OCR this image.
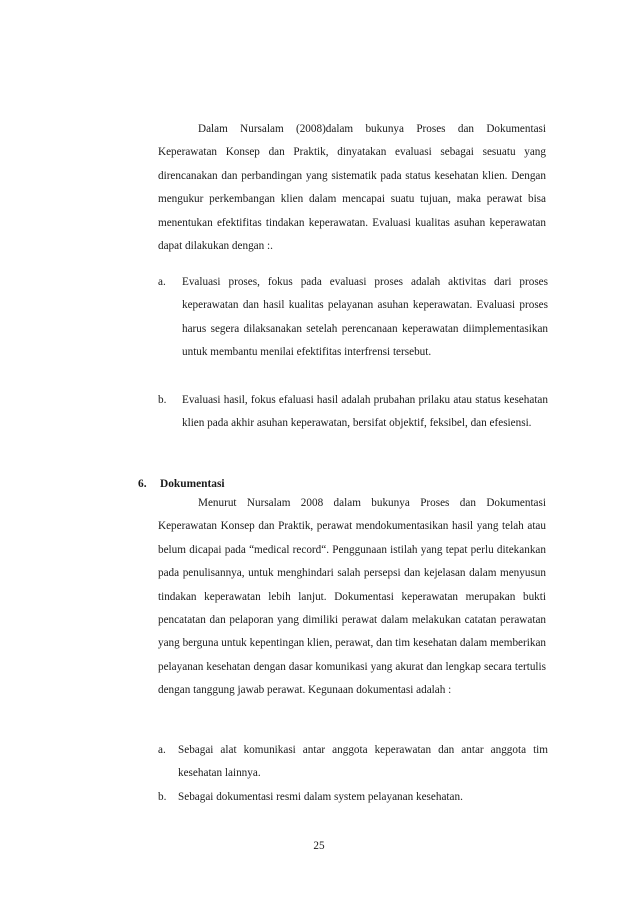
Dalam Nursalam (2008)dalam bukunya Proses dan Dokumentasi Keperawatan Konsep dan Praktik, dinyatakan evaluasi sebagai sesuatu yang direncanakan dan perbandingan yang sistematik pada status kesehatan klien. Dengan mengukur perkembangan klien dalam mencapai suatu tujuan, maka perawat bisa menentukan efektifitas tindakan keperawatan. Evaluasi kualitas asuhan keperawatan dapat dilakukan dengan :.

a. Evaluasi proses, fokus pada evaluasi proses adalah aktivitas dari proses keperawatan dan hasil kualitas pelayanan asuhan keperawatan. Evaluasi proses harus segera dilaksanakan setelah perencanaan keperawatan diimplementasikan untuk membantu menilai efektifitas interfrensi tersebut.

b. Evaluasi hasil, fokus efaluasi hasil adalah prubahan prilaku atau status kesehatan klien pada akhir asuhan keperawatan, bersifat objektif, feksibel, dan efesiensi.

6. Dokumentasi

Menurut Nursalam 2008 dalam bukunya Proses dan Dokumentasi Keperawatan Konsep dan Praktik, perawat mendokumentasikan hasil yang telah atau belum dicapai pada “medical record“. Penggunaan istilah yang tepat perlu ditekankan pada penulisannya, untuk menghindari salah persepsi dan kejelasan dalam menyusun tindakan keperawatan lebih lanjut. Dokumentasi keperawatan merupakan bukti pencatatan dan pelaporan yang dimiliki perawat dalam melakukan catatan perawatan yang berguna untuk kepentingan klien, perawat, dan tim kesehatan dalam memberikan pelayanan kesehatan dengan dasar komunikasi yang akurat dan lengkap secara tertulis dengan tanggung jawab perawat. Kegunaan dokumentasi adalah :

a. Sebagai alat komunikasi antar anggota keperawatan dan antar anggota tim kesehatan lainnya.

b. Sebagai dokumentasi resmi dalam system pelayanan kesehatan.

25
